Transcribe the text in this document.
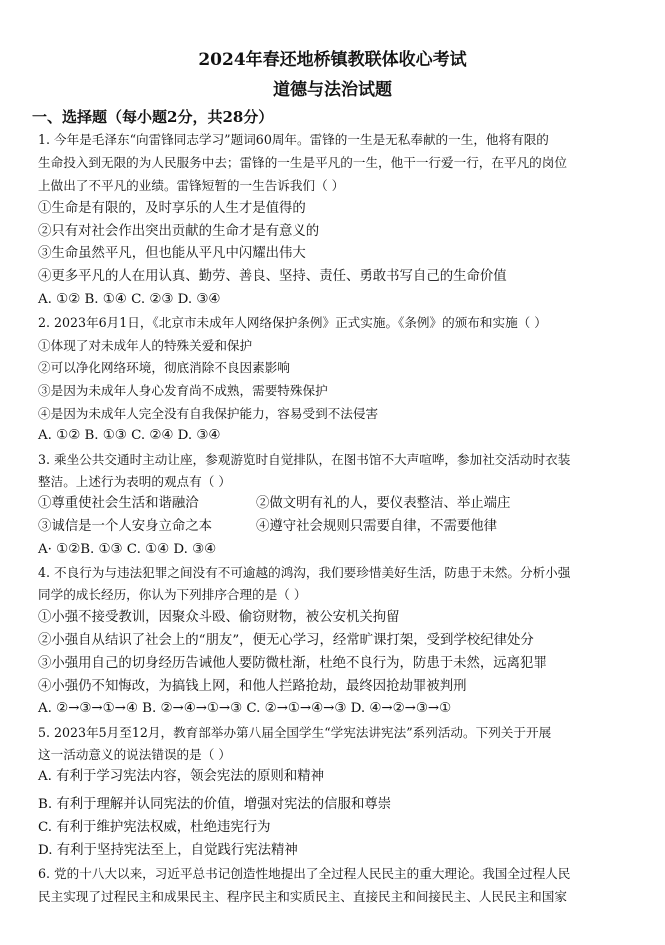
2024年春还地桥镇教联体收心考试
道德与法治试题
一、选择题（每小题2分，共28分）
1. 今年是毛泽东“向雷锋同志学习”题词60周年。雷锋的一生是无私奉献的一生，他将有限的
生命投入到无限的为人民服务中去；雷锋的一生是平凡的一生，他干一行爱一行，在平凡的岗位
上做出了不平凡的业绩。雷锋短暂的一生告诉我们（ ）
①生命是有限的，及时享乐的人生才是值得的
②只有对社会作出突出贡献的生命才是有意义的
③生命虽然平凡，但也能从平凡中闪耀出伟大
④更多平凡的人在用认真、勤劳、善良、坚持、责任、勇敢书写自己的生命价值
A. ①② B. ①④ C. ②③ D. ③④
2. 2023年6月1日，《北京市未成年人网络保护条例》正式实施。《条例》的颁布和实施（ ）
①体现了对未成年人的特殊关爱和保护
②可以净化网络环境，彻底消除不良因素影响
③是因为未成年人身心发育尚不成熟，需要特殊保护
④是因为未成年人完全没有自我保护能力，容易受到不法侵害
A. ①② B. ①③ C. ②④ D. ③④
3. 乘坐公共交通时主动让座，参观游览时自觉排队，在图书馆不大声喧哗，参加社交活动时衣装
整洁。上述行为表明的观点有（ ）
①尊重使社会生活和谐融洽	②做文明有礼的人，要仪表整洁、举止端庄
③诚信是一个人安身立命之本	④遵守社会规则只需要自律，不需要他律
A· ①②B. ①③ C. ①④ D. ③④
4. 不良行为与违法犯罪之间没有不可逾越的鸿沟，我们要珍惜美好生活，防患于未然。分析小强
同学的成长经历，你认为下列排序合理的是（ ）
①小强不接受教训，因聚众斗殴、偷窃财物，被公安机关拘留
②小强自从结识了社会上的“朋友”，便无心学习，经常旷课打架，受到学校纪律处分
③小强用自己的切身经历告诫他人要防微杜渐，杜绝不良行为，防患于未然，远离犯罪
④小强仍不知悔改，为搞钱上网，和他人拦路抢劫，最终因抢劫罪被判刑
A. ②→③→①→④ B. ②→④→①→③ C. ②→①→④→③ D. ④→②→③→①
5. 2023年5月至12月，教育部举办第八届全国学生“学宪法讲宪法”系列活动。下列关于开展
这一活动意义的说法错误的是（ ）
A. 有利于学习宪法内容，领会宪法的原则和精神
B. 有利于理解并认同宪法的价值，增强对宪法的信服和尊崇
C. 有利于维护宪法权威，杜绝违宪行为
D. 有利于坚持宪法至上，自觉践行宪法精神
6. 党的十八大以来，习近平总书记创造性地提出了全过程人民民主的重大理论。我国全过程人民
民主实现了过程民主和成果民主、程序民主和实质民主、直接民主和间接民主、人民民主和国家
